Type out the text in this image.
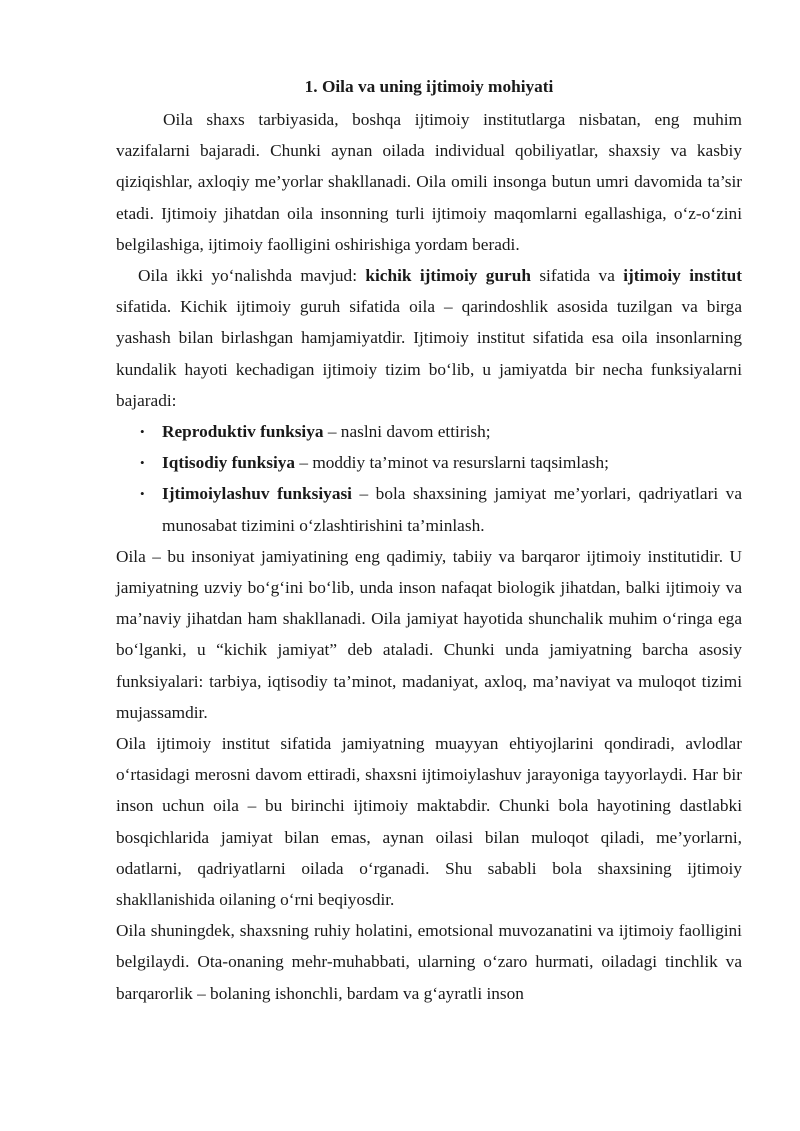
1. Oila va uning ijtimoiy mohiyati

Oila shaxs tarbiyasida, boshqa ijtimoiy institutlarga nisbatan, eng muhim vazifalarni bajaradi. Chunki aynan oilada individual qobiliyatlar, shaxsiy va kasbiy qiziqishlar, axloqiy me’yorlar shakllanadi. Oila omili insonga butun umri davomida ta’sir etadi. Ijtimoiy jihatdan oila insonning turli ijtimoiy maqomlarni egallashiga, o‘z-o‘zini belgilashiga, ijtimoiy faolligini oshirishiga yordam beradi.

Oila ikki yo‘nalishda mavjud: kichik ijtimoiy guruh sifatida va ijtimoiy institut sifatida. Kichik ijtimoiy guruh sifatida oila – qarindoshlik asosida tuzilgan va birga yashash bilan birlashgan hamjamiyatdir. Ijtimoiy institut sifatida esa oila insonlarning kundalik hayoti kechadigan ijtimoiy tizim bo‘lib, u jamiyatda bir necha funksiyalarni bajaradi:

• Reproduktiv funksiya – naslni davom ettirish;
• Iqtisodiy funksiya – moddiy ta’minot va resurslarni taqsimlash;
• Ijtimoiylashuv funksiyasi – bola shaxsining jamiyat me’yorlari, qadriyatlari va munosabat tizimini o‘zlashtirishini ta’minlash.

Oila – bu insoniyat jamiyatining eng qadimiy, tabiiy va barqaror ijtimoiy institutidir. U jamiyatning uzviy bo‘g‘ini bo‘lib, unda inson nafaqat biologik jihatdan, balki ijtimoiy va ma’naviy jihatdan ham shakllanadi. Oila jamiyat hayotida shunchalik muhim o‘ringa ega bo‘lganki, u “kichik jamiyat” deb ataladi. Chunki unda jamiyatning barcha asosiy funksiyalari: tarbiya, iqtisodiy ta’minot, madaniyat, axloq, ma’naviyat va muloqot tizimi mujassamdir.

Oila ijtimoiy institut sifatida jamiyatning muayyan ehtiyojlarini qondiradi, avlodlar o‘rtasidagi merosni davom ettiradi, shaxsni ijtimoiylashuv jarayoniga tayyorlaydi. Har bir inson uchun oila – bu birinchi ijtimoiy maktabdir. Chunki bola hayotining dastlabki bosqichlarida jamiyat bilan emas, aynan oilasi bilan muloqot qiladi, me’yorlarni, odatlarni, qadriyatlarni oilada o‘rganadi. Shu sababli bola shaxsining ijtimoiy shakllanishida oilaning o‘rni beqiyosdir.

Oila shuningdek, shaxsning ruhiy holatini, emotsional muvozanatini va ijtimoiy faolligini belgilaydi. Ota-onaning mehr-muhabbati, ularning o‘zaro hurmati, oiladagi tinchlik va barqarorlik – bolaning ishonchli, bardam va g‘ayratli inson
